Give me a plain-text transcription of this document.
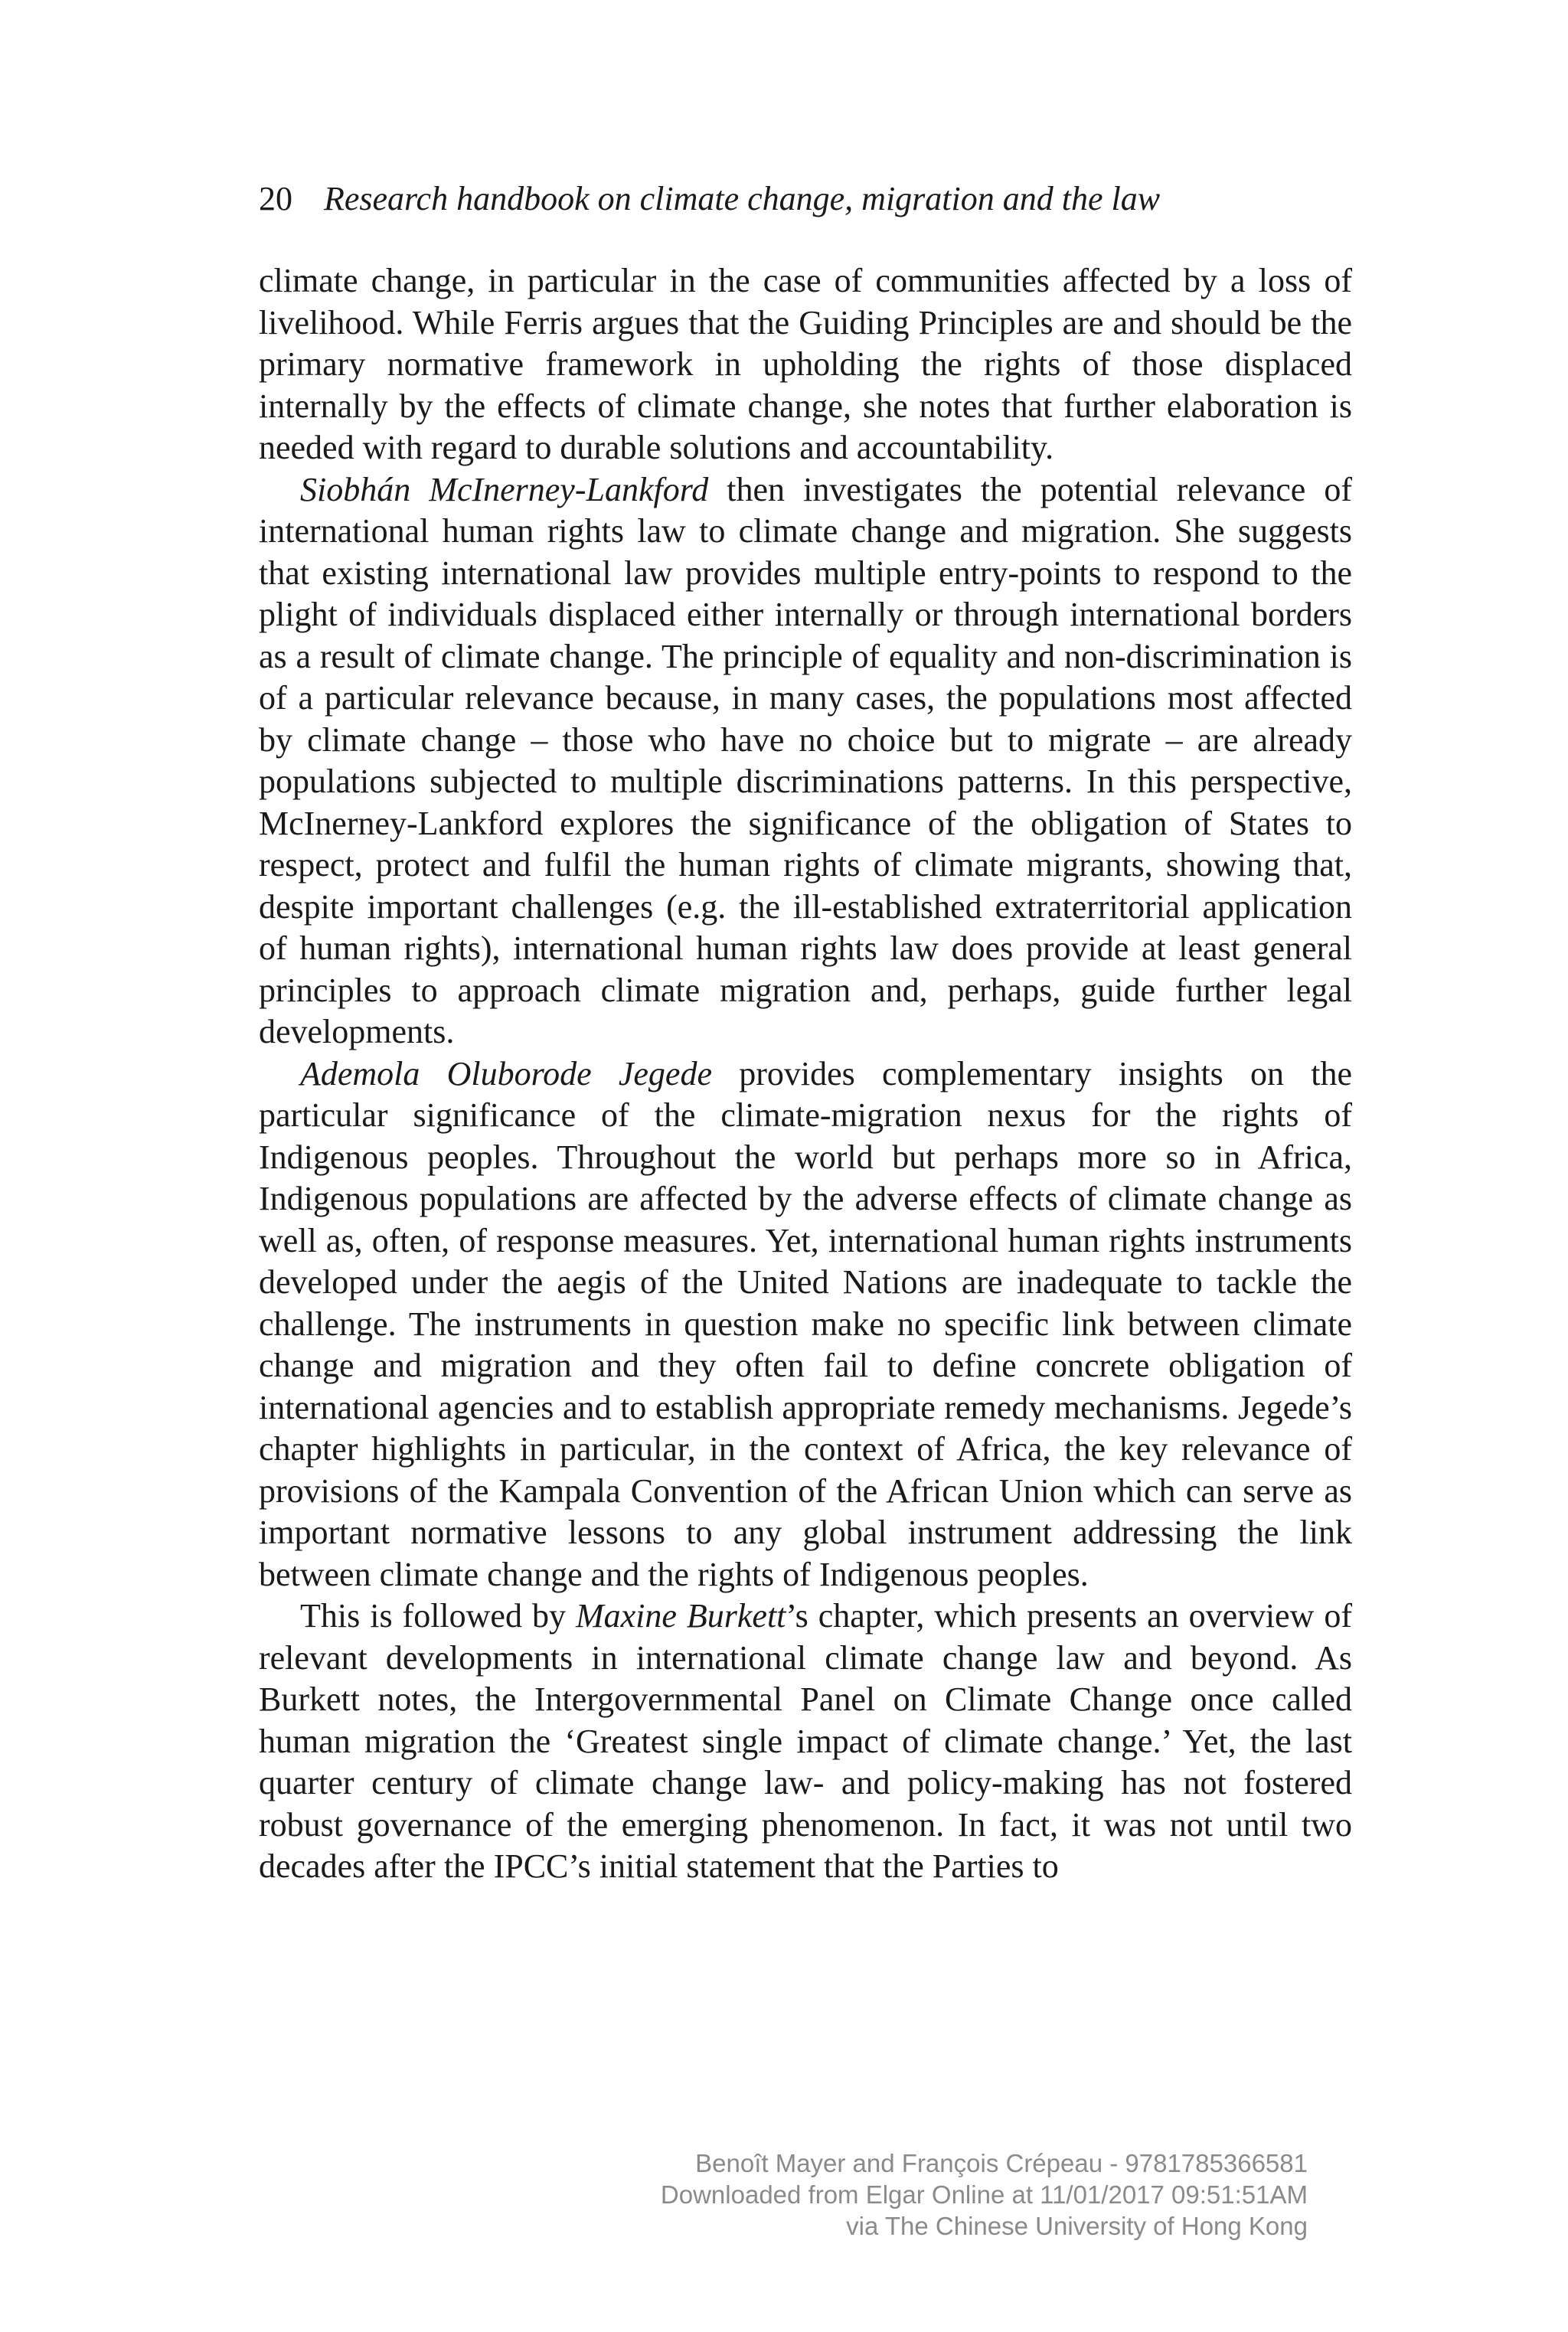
20 Research handbook on climate change, migration and the law

climate change, in particular in the case of communities affected by a loss of livelihood. While Ferris argues that the Guiding Principles are and should be the primary normative framework in upholding the rights of those displaced internally by the effects of climate change, she notes that further elaboration is needed with regard to durable solutions and accountability.

Siobhán McInerney-Lankford then investigates the potential relevance of international human rights law to climate change and migration. She suggests that existing international law provides multiple entry-points to respond to the plight of individuals displaced either internally or through international borders as a result of climate change. The principle of equality and non-discrimination is of a particular relevance because, in many cases, the populations most affected by climate change – those who have no choice but to migrate – are already populations subjected to multiple discriminations patterns. In this perspective, McInerney-Lankford explores the significance of the obligation of States to respect, protect and fulfil the human rights of climate migrants, showing that, despite important challenges (e.g. the ill-established extraterritorial application of human rights), international human rights law does provide at least general principles to approach climate migration and, perhaps, guide further legal developments.

Ademola Oluborode Jegede provides complementary insights on the particular significance of the climate-migration nexus for the rights of Indigenous peoples. Throughout the world but perhaps more so in Africa, Indigenous populations are affected by the adverse effects of climate change as well as, often, of response measures. Yet, international human rights instruments developed under the aegis of the United Nations are inadequate to tackle the challenge. The instruments in question make no specific link between climate change and migration and they often fail to define concrete obligation of international agencies and to establish appropriate remedy mechanisms. Jegede’s chapter highlights in particular, in the context of Africa, the key relevance of provisions of the Kampala Convention of the African Union which can serve as important normative lessons to any global instrument addressing the link between climate change and the rights of Indigenous peoples.

This is followed by Maxine Burkett’s chapter, which presents an overview of relevant developments in international climate change law and beyond. As Burkett notes, the Intergovernmental Panel on Climate Change once called human migration the ‘Greatest single impact of climate change.’ Yet, the last quarter century of climate change law- and policy-making has not fostered robust governance of the emerging phenomenon. In fact, it was not until two decades after the IPCC’s initial statement that the Parties to

Benoît Mayer and François Crépeau - 9781785366581
Downloaded from Elgar Online at 11/01/2017 09:51:51AM
via The Chinese University of Hong Kong
